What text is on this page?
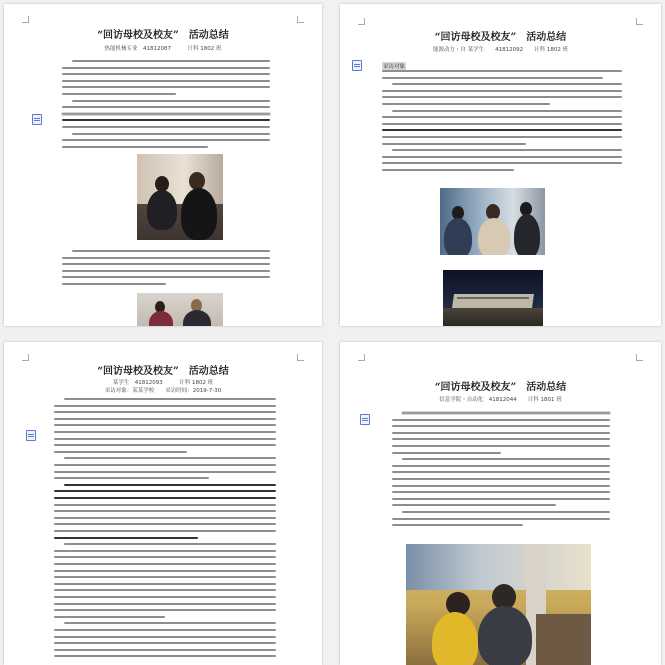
“回访母校及校友”　活动总结
热能机械专业　41812087　　　计科 1802 班
“回访母校及校友”　活动总结
能源动力・自 某学生　　41812092　　计科 1802 班
采访对象
“回访母校及校友”　活动总结
某学生　41812093　　　计科 1802 班
采访对象：某某学校　　采访时间：2019-7-30	“回访母校及校友”　活动总结
信息学院・自动化　41812044　　计科 1801 班
